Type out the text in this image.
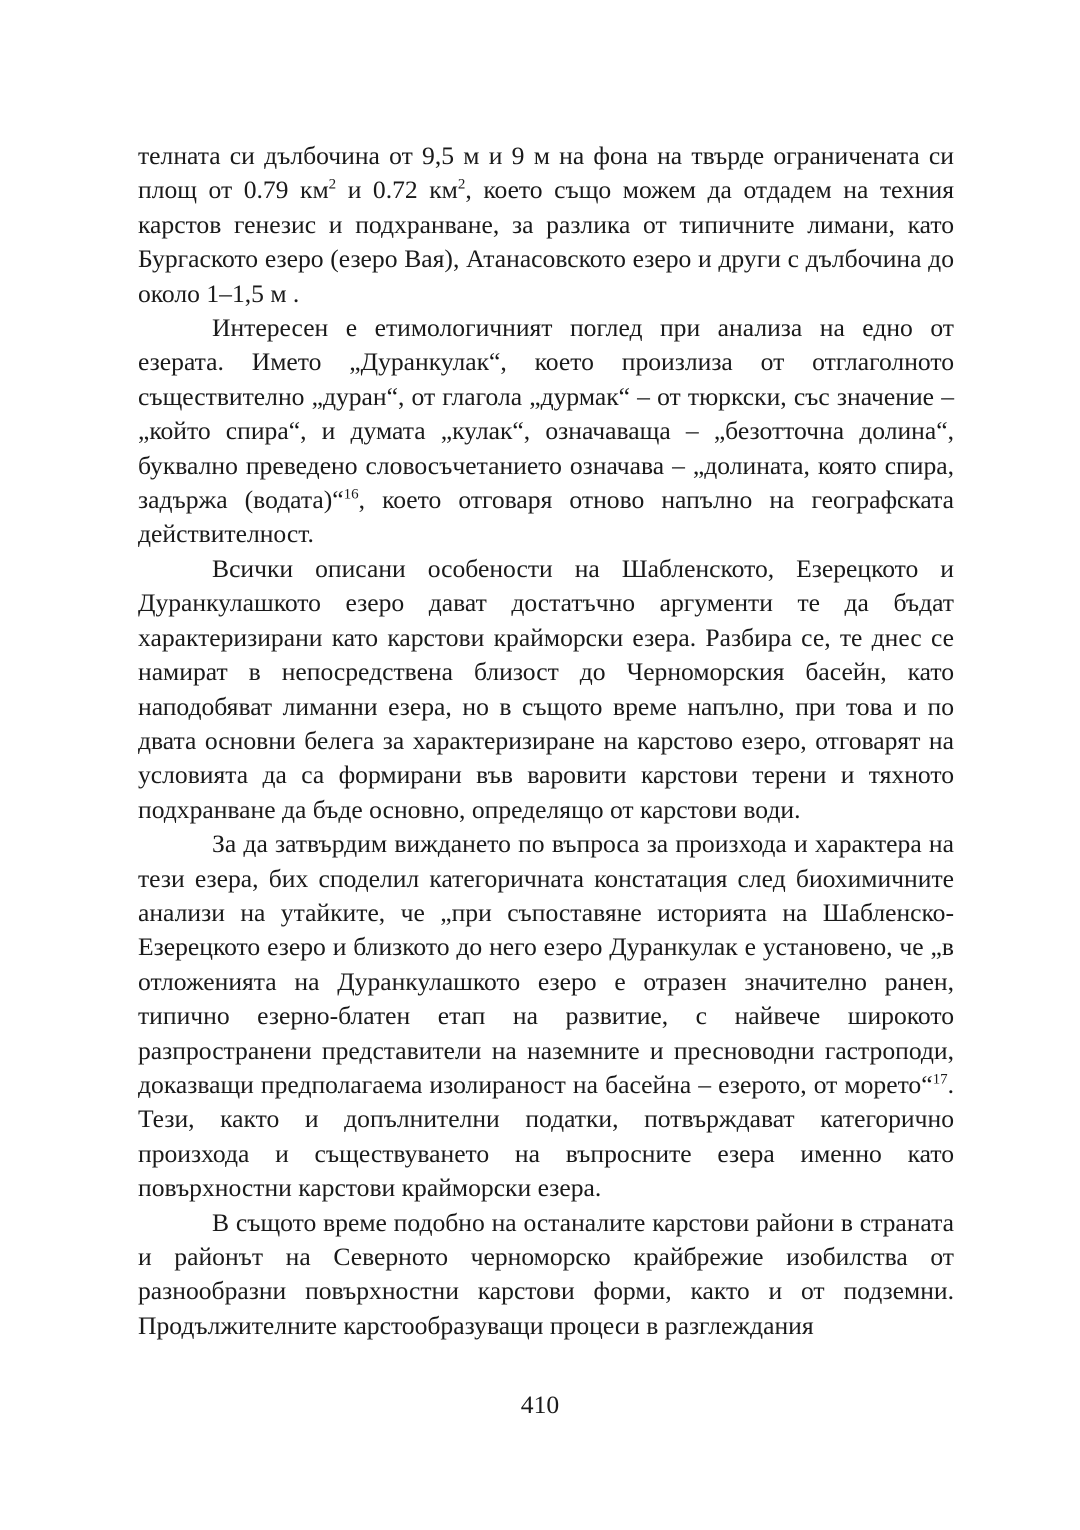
телната си дълбочина от 9,5 м и 9 м на фона на твърде ограничената си площ от 0.79 $км^2$ и 0.72 $км^2$, което също можем да отдадем на техния карстов генезис и подхранване, за разлика от типичните лимани, като Бургаското езеро (езеро Вая), Атанасовското езеро и други с дълбочина до около 1–1,5 м .

Интересен е етимологичният поглед при анализа на едно от езерата. Името „Дуранкулак“, което произлиза от отглаголното съществително „дуран“, от глагола „дурмак“ – от тюркски, със значение – „който спира“, и думата „кулак“, означаваща – „безотточна долина“, буквално преведено словосъчетанието означава – „долината, която спира, задържа (водата)“$^{16}$, което отговаря отново напълно на географската действителност.

Всички описани особености на Шабленското, Езерецкото и Дуранкулашкото езеро дават достатъчно аргументи те да бъдат характеризирани като карстови крайморски езера. Разбира се, те днес се намират в непосредствена близост до Черноморския басейн, като наподобяват лиманни езера, но в същото време напълно, при това и по двата основни белега за характеризиране на карстово езеро, отговарят на условията да са формирани във варовити карстови терени и тяхното подхранване да бъде основно, определящо от карстови води.

За да затвърдим виждането по въпроса за произхода и характера на тези езера, бих споделил категоричната констатация след биохимичните анализи на утайките, че „при съпоставяне историята на Шабленско-Езерецкото езеро и близкото до него езеро Дуранкулак е установено, че „в отложенията на Дуранкулашкото езеро е отразен значително ранен, типично езерно-блатен етап на развитие, с найвече широкото разпространени представители на наземните и пресноводни гастроподи, доказващи предполагаема изолираност на басейна – езерото, от морето“$^{17}$. Тези, както и допълнителни податки, потвърждават категорично произхода и съществуването на въпросните езера именно като повърхностни карстови крайморски езера.

В същото време подобно на останалите карстови райони в страната и районът на Северното черноморско крайбрежие изобилства от разнообразни повърхностни карстови форми, както и от подземни. Продължителните карстообразуващи процеси в разглеждания

410
